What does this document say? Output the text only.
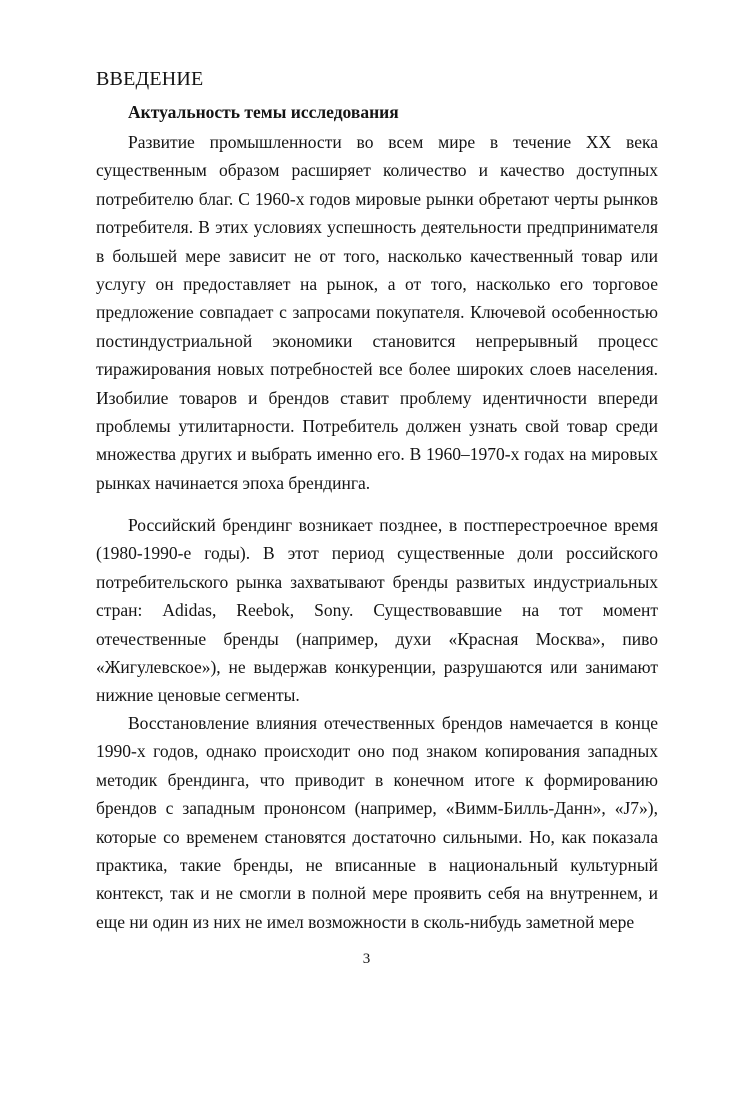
ВВЕДЕНИЕ
Актуальность темы исследования

Развитие промышленности во всем мире в течение XX века существенным образом расширяет количество и качество доступных потребителю благ. С 1960-х годов мировые рынки обретают черты рынков потребителя. В этих условиях успешность деятельности предпринимателя в большей мере зависит не от того, насколько качественный товар или услугу он предоставляет на рынок, а от того, насколько его торговое предложение совпадает с запросами покупателя. Ключевой особенностью постиндустриальной экономики становится непрерывный процесс тиражирования новых потребностей все более широких слоев населения. Изобилие товаров и брендов ставит проблему идентичности впереди проблемы утилитарности. Потребитель должен узнать свой товар среди множества других и выбрать именно его. В 1960–1970-х годах на мировых рынках начинается эпоха брендинга.

Российский брендинг возникает позднее, в постперестроечное время (1980-1990-е годы). В этот период существенные доли российского потребительского рынка захватывают бренды развитых индустриальных стран: Adidas, Reebok, Sony. Существовавшие на тот момент отечественные бренды (например, духи «Красная Москва», пиво «Жигулевское»), не выдержав конкуренции, разрушаются или занимают нижние ценовые сегменты.

Восстановление влияния отечественных брендов намечается в конце 1990-х годов, однако происходит оно под знаком копирования западных методик брендинга, что приводит в конечном итоге к формированию брендов с западным прононсом (например, «Вимм-Билль-Данн», «J7»), которые со временем становятся достаточно сильными. Но, как показала практика, такие бренды, не вписанные в национальный культурный контекст, так и не смогли в полной мере проявить себя на внутреннем, и еще ни один из них не имел возможности в сколь-нибудь заметной мере

3
